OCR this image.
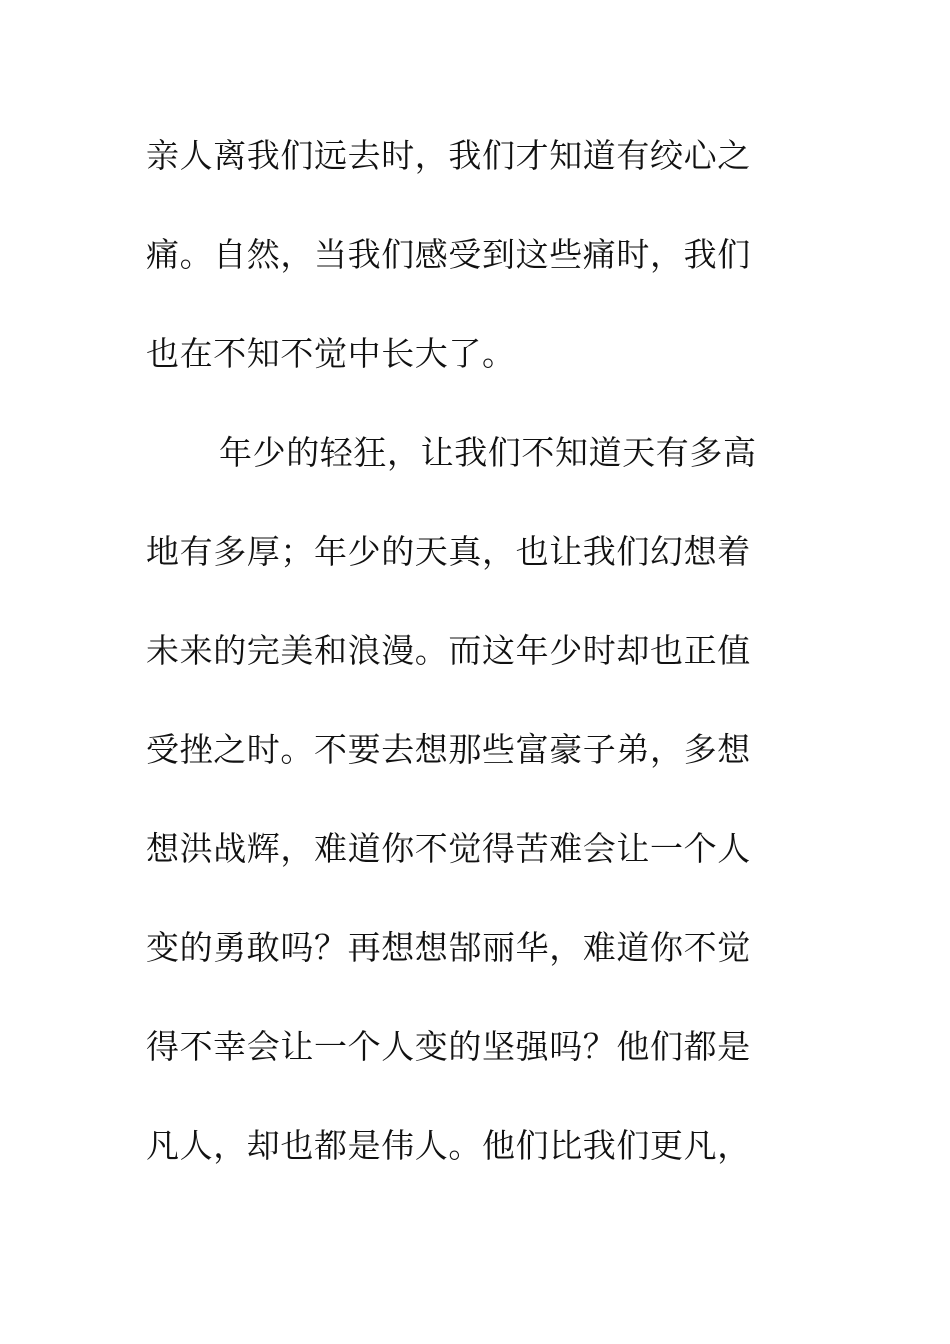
亲人离我们远去时，我们才知道有绞心之
痛。自然，当我们感受到这些痛时，我们
也在不知不觉中长大了。
年少的轻狂，让我们不知道天有多高
地有多厚；年少的天真，也让我们幻想着
未来的完美和浪漫。而这年少时却也正值
受挫之时。不要去想那些富豪子弟，多想
想洪战辉，难道你不觉得苦难会让一个人
变的勇敢吗？再想想郜丽华，难道你不觉
得不幸会让一个人变的坚强吗？他们都是
凡人，却也都是伟人。他们比我们更凡，
